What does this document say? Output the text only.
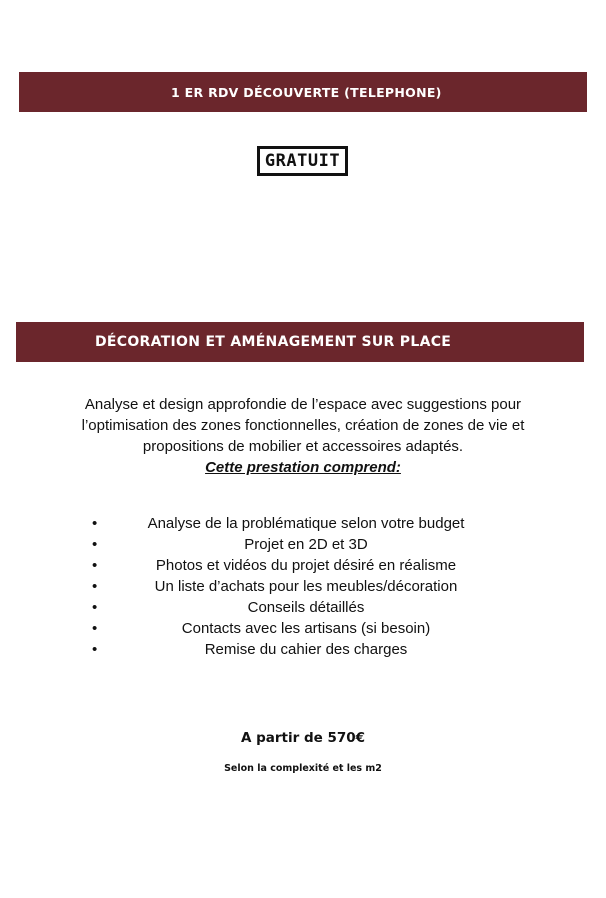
1 ER RDV DÉCOUVERTE (TELEPHONE)
GRATUIT
DÉCORATION ET AMÉNAGEMENT SUR PLACE
Analyse et design approfondie de l’espace avec suggestions pour
l’optimisation des zones fonctionnelles, création de zones de vie et
propositions de mobilier et accessoires adaptés.
Cette prestation comprend:
•	Analyse de la problématique selon votre budget
•	Projet en 2D et 3D
•	Photos et vidéos du projet désiré en réalisme
•	Un liste d’achats pour les meubles/décoration
•	Conseils détaillés
•	Contacts avec les artisans (si besoin)
•	Remise du cahier des charges
A partir de 570€
Selon la complexité et les m2
